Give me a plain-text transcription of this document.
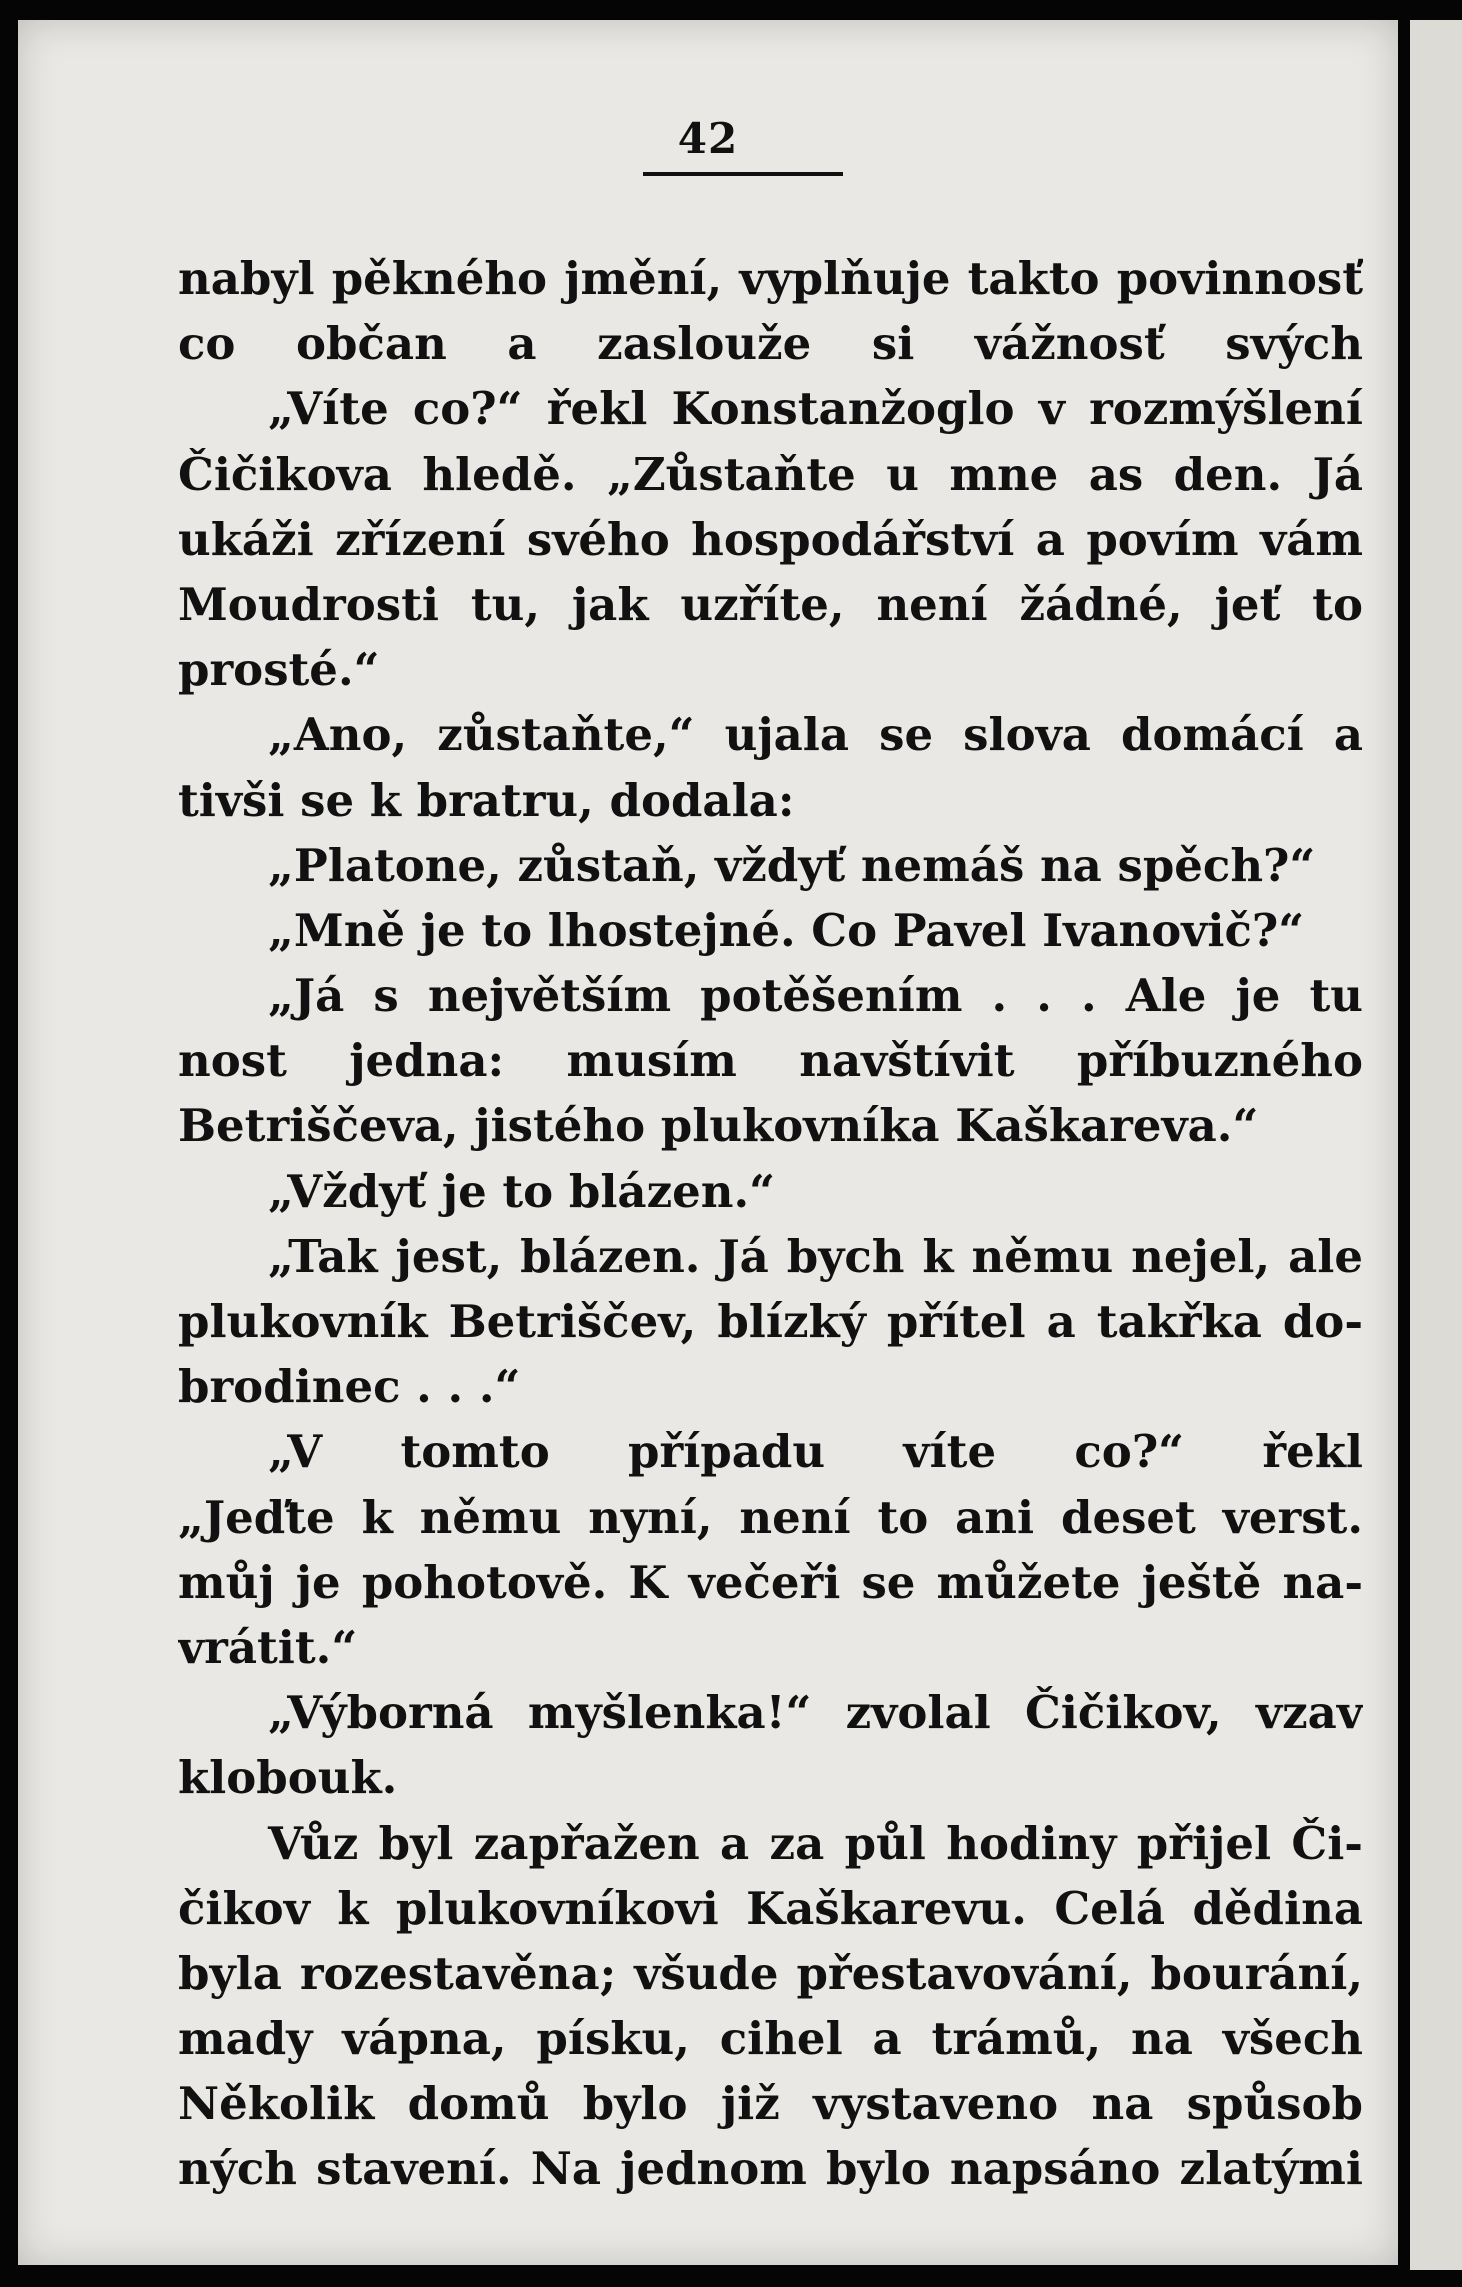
42
nabyl pěkného jmění, vyplňuje takto povinnosť
co občan a zasloužе si vážnosť svých
„Víte co?“ řekl Konstanžoglo v rozmýšlení
Čičikova hledě. „Zůstaňte u mne as den. Já
ukáži zřízení svého hospodářství a povím vám
Moudrosti tu, jak uzříte, není žádné, jeť to
prosté.“
„Ano, zůstaňte,“ ujala se slova domácí a
tivši se k bratru, dodala:
„Platone, zůstaň, vždyť nemáš na spěch?“
„Mně je to lhostejné. Co Pavel Ivanovič?“
„Já s největším potěšením . . . Ale je tu
nost jedna: musím navštívit příbuzného
Betriščeva, jistého plukovníka Kaškareva.“
„Vždyť je to blázen.“
„Tak jest, blázen. Já bych k němu nejel, ale
plukovník Betriščev, blízký přítel a takřka do-
brodinec . . .“
„V tomto případu víte co?“ řekl
„Jeďte k němu nyní, není to ani deset verst.
můj je pohotově. K večeři se můžete ještě na-
vrátit.“
„Výborná myšlenka!“ zvolal Čičikov, vzav
klobouk.
Vůz byl zapřažen a za půl hodiny přijel Či-
čikov k plukovníkovi Kaškarevu. Celá dědina
byla rozestavěna; všude přestavování, bourání,
mady vápna, písku, cihel a trámů, na všech
Několik domů bylo již vystaveno na spůsob
ných stavení. Na jednom bylo napsáno zlatými
